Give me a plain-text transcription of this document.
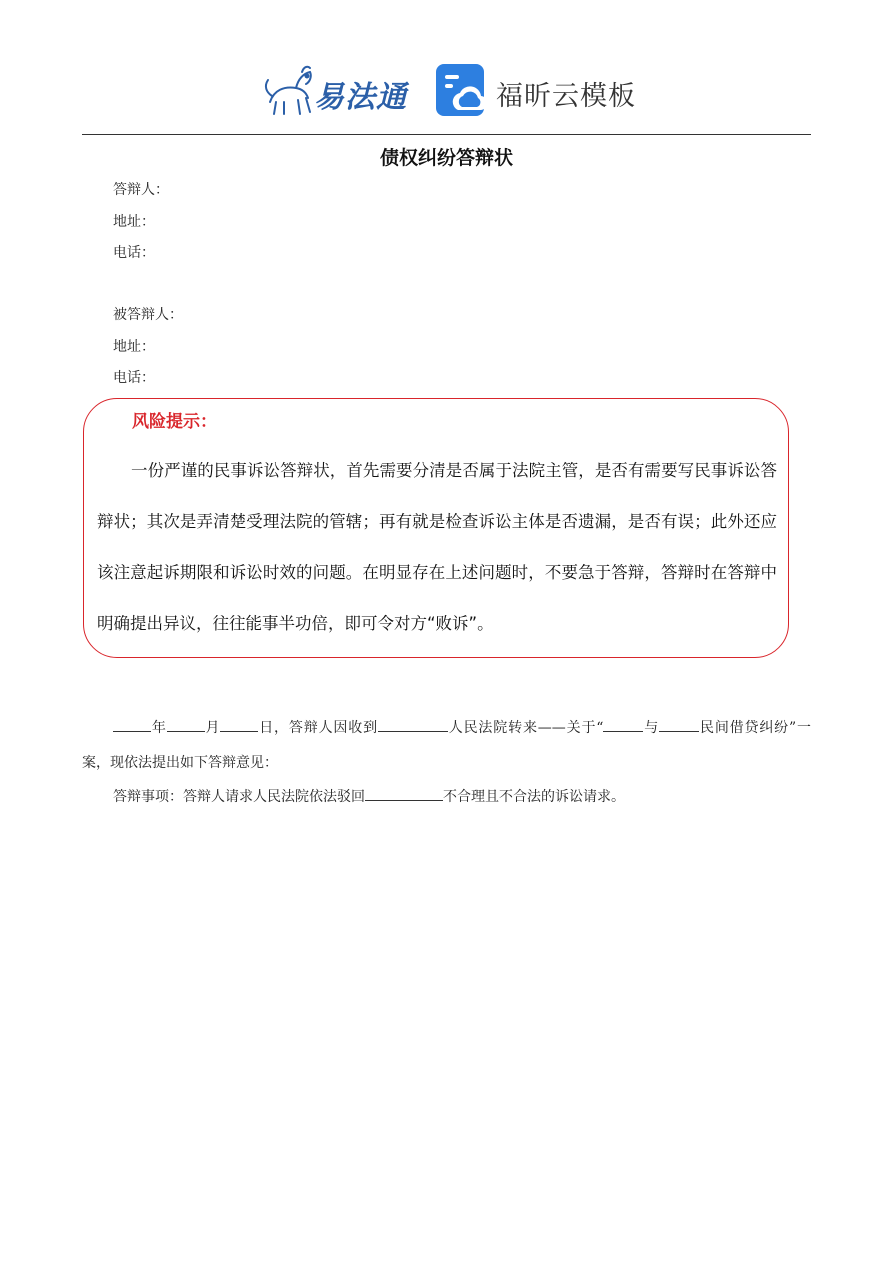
易法通	福昕云模板
债权纠纷答辩状
答辩人：
地址：
电话：
被答辩人：
地址：
电话：
风险提示：
一份严谨的民事诉讼答辩状，首先需要分清是否属于法院主管，是否有需要写民事诉讼答辩状；其次是弄清楚受理法院的管辖；再有就是检查诉讼主体是否遗漏，是否有误；此外还应该注意起诉期限和诉讼时效的问题。在明显存在上述问题时，不要急于答辩，答辩时在答辩中明确提出异议，往往能事半功倍，即可令对方“败诉”。
年	月	日，答辩人因收到	人民法院转来——关于“	与	民间借贷纠纷”一案，现依法提出如下答辩意见：
答辩事项：答辩人请求人民法院依法驳回	不合理且不合法的诉讼请求。
